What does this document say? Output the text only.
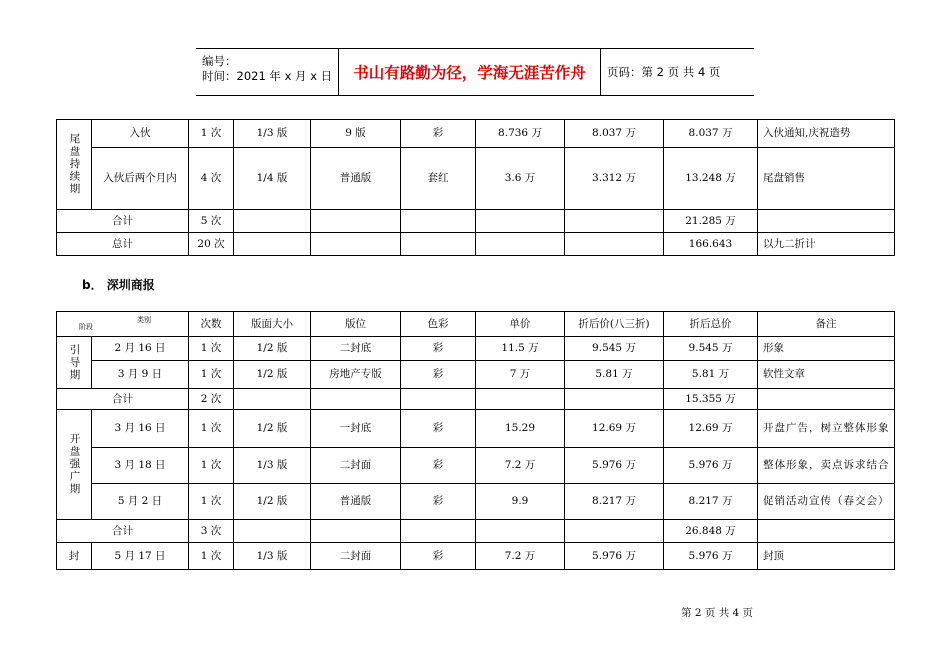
编号：
时间：2021 年 x 月 x 日	书山有路勤为径，学海无涯苦作舟	页码：第 2 页 共 4 页
尾盘持续期	入伙	1 次	1/3 版	9 版	彩	8.736 万	8.037 万	8.037 万	入伙通知,庆祝造势
	入伙后两个月内	4 次	1/4 版	普通版	套红	3.6 万	3.312 万	13.248 万	尾盘销售
合计		5 次						21.285 万	
总计		20 次						166.643	以九二折计
b． 深圳商报
阶段
类别		次数	版面大小	版位	色彩	单价	折后价(八三折)	折后总价	备注
引导期	2 月 16 日	1 次	1/2 版	二封底	彩	11.5 万	9.545 万	9.545 万	形象
	3 月 9 日	1 次	1/2 版	房地产专版	彩	7 万	5.81 万	5.81 万	软性文章
合计		2 次						15.355 万	
开盘强广期	3 月 16 日	1 次	1/2 版	一封底	彩	15.29	12.69 万	12.69 万	开盘广告，树立整体形象
	3 月 18 日	1 次	1/3 版	二封面	彩	7.2 万	5.976 万	5.976 万	整体形象，卖点诉求结合
	5 月 2 日	1 次	1/2 版	普通版	彩	9.9	8.217 万	8.217 万	促销活动宣传（春交会）
合计		3 次						26.848 万	
封	5 月 17 日	1 次	1/3 版	二封面	彩	7.2 万	5.976 万	5.976 万	封顶
第 2 页 共 4 页
